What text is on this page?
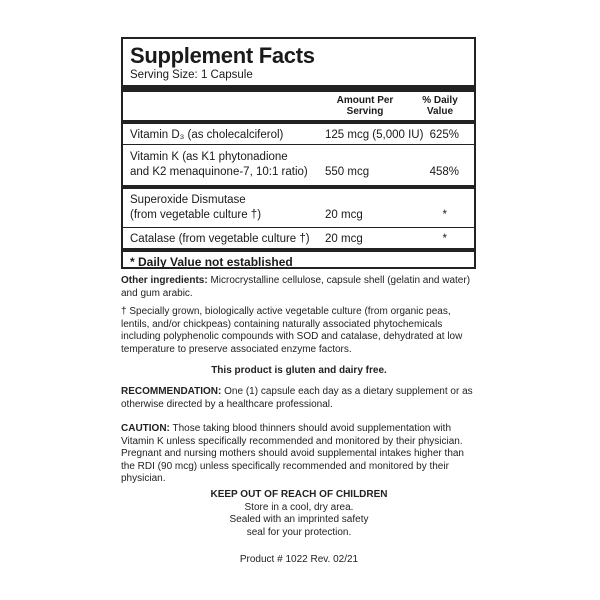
Supplement Facts
Serving Size: 1 Capsule
Amount Per
Serving
% Daily
Value
Vitamin D₃ (as cholecalciferol)	125 mcg (5,000 IU) 625%
Vitamin K (as K1 phytonadione
and K2 menaquinone-7, 10:1 ratio)	550 mcg	458%
Superoxide Dismutase
(from vegetable culture †)	20 mcg	*
Catalase (from vegetable culture †)	20 mcg	*
* Daily Value not established
Other ingredients: Microcrystalline cellulose, capsule shell (gelatin and water) and gum arabic.
† Specially grown, biologically active vegetable culture (from organic peas, lentils, and/or chickpeas) containing naturally associated phytochemicals including polyphenolic compounds with SOD and catalase, dehydrated at low temperature to preserve associated enzyme factors.
This product is gluten and dairy free.
RECOMMENDATION: One (1) capsule each day as a dietary supplement or as otherwise directed by a healthcare professional.
CAUTION: Those taking blood thinners should avoid supplementation with Vitamin K unless specifically recommended and monitored by their physician. Pregnant and nursing mothers should avoid supplemental intakes higher than the RDI (90 mcg) unless specifically recommended and monitored by their physician.
KEEP OUT OF REACH OF CHILDREN
Store in a cool, dry area.
Sealed with an imprinted safety
seal for your protection.
Product # 1022 Rev. 02/21
